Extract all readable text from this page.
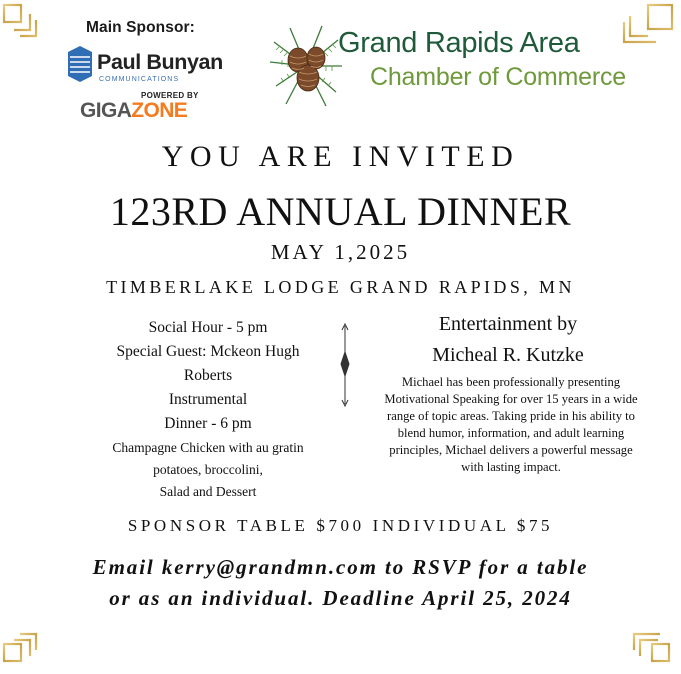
Main Sponsor:
Paul Bunyan
COMMUNICATIONS
POWERED BY
GIGAZONE
Grand Rapids Area
Chamber of Commerce
YOU ARE INVITED
123RD ANNUAL DINNER
MAY 1,2025
TIMBERLAKE LODGE GRAND RAPIDS, MN
Social Hour - 5 pm
Special Guest: Mckeon Hugh
Roberts
Instrumental
Dinner - 6 pm
Champagne Chicken with au gratin
potatoes, broccolini,
Salad and Dessert
Entertainment by
Micheal R. Kutzke
Michael has been professionally presenting Motivational Speaking for over 15 years in a wide range of topic areas. Taking pride in his ability to blend humor, information, and adult learning principles, Michael delivers a powerful message with lasting impact.
SPONSOR TABLE $700 INDIVIDUAL $75
Email kerry@grandmn.com to RSVP for a table
or as an individual. Deadline April 25, 2024
